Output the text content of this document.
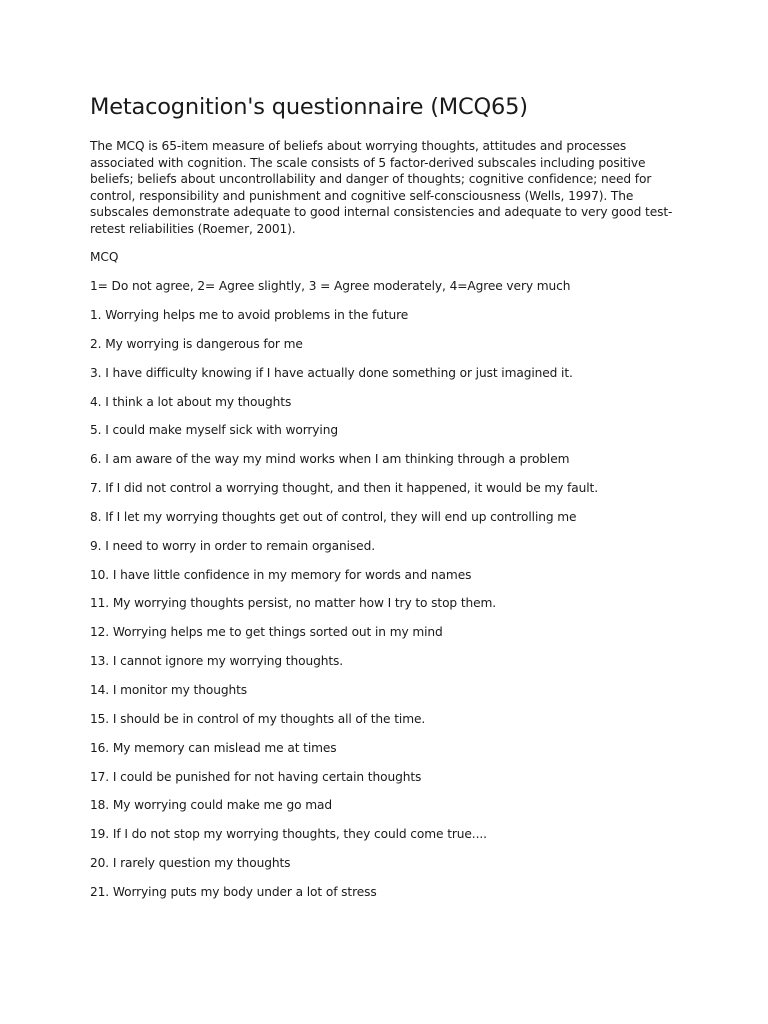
Metacognition's questionnaire (MCQ65)

The MCQ is 65-item measure of beliefs about worrying thoughts, attitudes and processes associated with cognition. The scale consists of 5 factor-derived subscales including positive beliefs; beliefs about uncontrollability and danger of thoughts; cognitive confidence; need for control, responsibility and punishment and cognitive self-consciousness (Wells, 1997). The subscales demonstrate adequate to good internal consistencies and adequate to very good test-retest reliabilities (Roemer, 2001).

MCQ

1= Do not agree, 2= Agree slightly, 3 = Agree moderately, 4=Agree very much

1. Worrying helps me to avoid problems in the future
2. My worrying is dangerous for me
3. I have difficulty knowing if I have actually done something or just imagined it.
4. I think a lot about my thoughts
5. I could make myself sick with worrying
6. I am aware of the way my mind works when I am thinking through a problem
7. If I did not control a worrying thought, and then it happened, it would be my fault.
8. If I let my worrying thoughts get out of control, they will end up controlling me
9. I need to worry in order to remain organised.
10. I have little confidence in my memory for words and names
11. My worrying thoughts persist, no matter how I try to stop them.
12. Worrying helps me to get things sorted out in my mind
13. I cannot ignore my worrying thoughts.
14. I monitor my thoughts
15. I should be in control of my thoughts all of the time.
16. My memory can mislead me at times
17. I could be punished for not having certain thoughts
18. My worrying could make me go mad
19. If I do not stop my worrying thoughts, they could come true....
20. I rarely question my thoughts
21. Worrying puts my body under a lot of stress
